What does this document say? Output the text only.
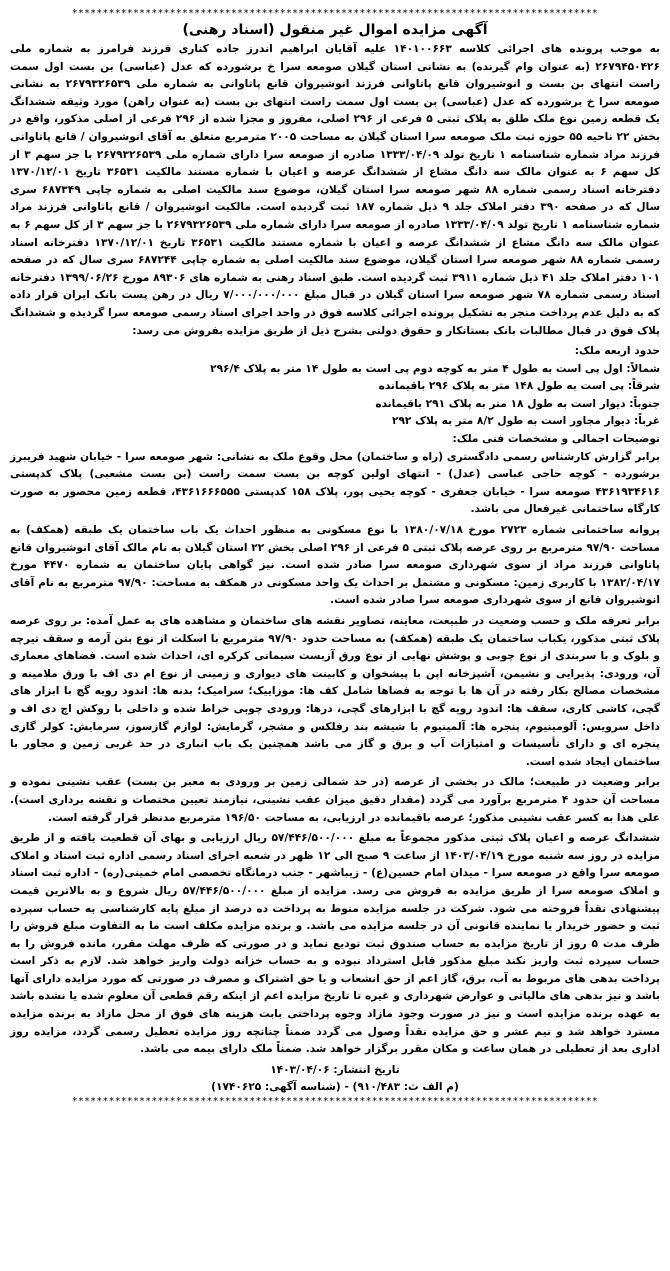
**************************************************************************************
آگهی مزایده اموال غیر منقول (اسناد رهنی)

به موجب پرونده های اجرائی کلاسه ۱۴۰۱۰۰۶۶۳ علیه آقایان ابراهیم اندرز جاده کناری فرزند فرامرز به شماره ملی ۲۶۷۹۴۵۰۴۲۶ (به عنوان وام گیرنده) به نشانی استان گیلان صومعه سرا خ برشورده که عدل (عباسی) بن بست اول سمت راست انتهای بن بست و انوشیروان قانع پاتاوانی فرزند انوشیروان قانع پاتاوانی به شماره ملی ۲۶۷۹۳۲۶۵۳۹ به نشانی صومعه سرا خ برشورده که عدل (عباسی) بن بست اول سمت راست انتهای بن بست (به عنوان راهن) مورد وثیقه ششدانگ یک قطعه زمین نوع ملک طلق به پلاک ثبتی ۵ فرعی از ۲۹۶ اصلی، مفروز و مجزا شده از ۲۹۶ فرعی از اصلی مذکور، واقع در بخش ۲۲ ناحیه ۵۵ حوزه ثبت ملک صومعه سرا استان گیلان به مساحت ۲۰۰۵ مترمربع متعلق به آقای انوشیروان / قانع پاتاوانی فرزند مراد شماره شناسنامه ۱ تاریخ تولد ۱۳۳۳/۰۴/۰۹ صادره از صومعه سرا دارای شماره ملی ۲۶۷۹۳۲۶۵۳۹ با جز سهم ۳ از کل سهم ۶ به عنوان مالک سه دانگ مشاع از ششدانگ عرصه و اعیان با شماره مستند مالکیت ۳۶۵۳۱ تاریخ ۱۳۷۰/۱۲/۰۱ دفترخانه اسناد رسمی شماره ۸۸ شهر صومعه سرا استان گیلان، موضوع سند مالکیت اصلی به شماره چاپی ۶۸۷۳۴۹ سری سال که در صفحه ۳۹۰ دفتر املاک جلد ۹ ذیل شماره ۱۸۷ ثبت گردیده است. مالکیت انوشیروان / قانع پاتاوانی فرزند مراد شماره شناسنامه ۱ تاریخ تولد ۱۳۳۳/۰۴/۰۹ صادره از صومعه سرا دارای شماره ملی ۲۶۷۹۳۲۶۵۳۹ با جز سهم ۳ از کل سهم ۶ به عنوان مالک سه دانگ مشاع از ششدانگ عرصه و اعیان با شماره مستند مالکیت ۳۶۵۳۱ تاریخ ۱۳۷۰/۱۲/۰۱ دفترخانه اسناد رسمی شماره ۸۸ شهر صومعه سرا استان گیلان، موضوع سند مالکیت اصلی به شماره چاپی ۶۸۷۲۴۴ سری سال که در صفحه ۱۰۱ دفتر املاک جلد ۴۱ ذیل شماره ۳۹۱۱ ثبت گردیده است. طبق اسناد رهنی به شماره های ۸۹۳۰۶ مورخ ۱۳۹۹/۰۶/۲۶ دفترخانه اسناد رسمی شماره ۷۸ شهر صومعه سرا استان گیلان در قبال مبلغ ۷/۰۰۰/۰۰۰/۰۰۰ ریال در رهن پست بانک ایران قرار داده که به دلیل عدم پرداخت منجر به تشکیل پرونده اجرائی کلاسه فوق در واحد اجرای اسناد رسمی صومعه سرا گردیده و ششدانگ پلاک فوق در قبال مطالبات بانک بستانکار و حقوق دولتی بشرح ذیل از طریق مزایده بفروش می رسد:

حدود اربعه ملک:

شمالاً: اول پی است به طول ۴ متر به کوچه دوم پی است به طول ۱۴ متر به پلاک ۲۹۶/۴

شرقاً: پی است به طول ۱۴۸ متر به پلاک ۲۹۶ باقیمانده

جنوباً: دیوار است به طول ۱۸ متر به پلاک ۲۹۱ باقیمانده

غرباً: دیوار مجاور است به طول ۸/۲ متر به پلاک ۲۹۲

توضیحات اجمالی و مشخصات فنی ملک:

برابر گزارش کارشناس رسمی دادگستری (راه و ساختمان) محل وقوع ملک به نشانی: شهر صومعه سرا - خیابان شهید فریبرز برشورده - کوچه حاجی عباسی (عدل) - انتهای اولین کوچه بن بست سمت راست (بن بست مشعبی) پلاک کدپستی ۴۳۶۱۹۳۴۶۱۶ صومعه سرا - خیابان جعفری - کوچه یحیی پور، پلاک ۱۵۸ کدپستی ۴۳۶۱۶۶۶۵۵۵، قطعه زمین محصور به صورت کارگاه ساختمانی غیرفعال می باشد.

پروانه ساختمانی شماره ۲۷۲۳ مورخ ۱۳۸۰/۰۷/۱۸ با نوع مسکونی به منظور احداث یک باب ساختمان یک طبقه (همکف) به مساحت ۹۷/۹۰ مترمربع بر روی عرصه پلاک ثبتی ۵ فرعی از ۲۹۶ اصلی بخش ۲۲ استان گیلان به نام مالک آقای انوشیروان قانع پاتاوانی فرزند مراد از سوی شهرداری صومعه سرا صادر شده است. نیز گواهی پایان ساختمان به شماره ۴۴۷۰ مورخ ۱۳۸۲/۰۴/۱۷ با کاربری زمین: مسکونی و مشتمل بر احداث یک واحد مسکونی در همکف به مساحت: ۹۷/۹۰ مترمربع به نام آقای انوشیروان قانع از سوی شهرداری صومعه سرا صادر شده است.

برابر تعرفه ملک و حسب وضعیت در طبیعت، معاینه، تصاویر نقشه های ساختمان و مشاهده های به عمل آمده: بر روی عرصه پلاک ثبتی مذکور، یکباب ساختمان یک طبقه (همکف) به مساحت حدود ۹۷/۹۰ مترمربع با اسکلت از نوع بتن آرمه و سقف تیرچه و بلوک و با سربندی از نوع چوبی و پوشش نهایی از نوع ورق آزبست سیمانی کرکره ای، احداث شده است. فضاهای معماری آن، ورودی: پذیرایی و نشیمن، آشپزخانه اپن با پیشخوان و کابینت های دیواری و زمینی از نوع ام دی اف با ورق ملامینه و مشخصات مصالح بکار رفته در آن ها با توجه به فضاها شامل کف ها: موزاییک؛ سرامیک؛ بدنه ها: اندود رویه گچ با ابزار های گچی، کاشی کاری، سقف ها: اندود رویه گچ با ابزارهای گچی، درها: ورودی چوبی خراط شده و داخلی با روکش اچ دی اف و داخل سرویس: آلومینیوم، پنجره ها: آلمینیوم با شیشه بند رفلکس و مشجر، گرمایش: لوازم گازسوز، سرمایش: کولر گازی پنجره ای و دارای تأسیسات و امتیازات آب و برق و گاز می باشد همچنین یک باب انباری در حد غربی زمین و مجاور با ساختمان ایجاد شده است.

برابر وضعیت در طبیعت؛ مالک در بخشی از عرصه (در حد شمالی زمین بر ورودی به معبر بن بست) عقب نشینی نموده و مساحت آن حدود ۴ مترمربع برآورد می گردد (مقدار دقیق میزان عقب نشینی، نیازمند تعیین مختصات و نقشه برداری است). علی هذا به کسر عقب نشینی مذکور؛ عرصه باقیمانده در ارزیابی، به مساحت ۱۹۶/۵۰ مترمربع مدنظر قرار گرفته است.

ششدانگ عرصه و اعیان پلاک ثبتی مذکور مجموعاً به مبلغ ۵۷/۴۴۶/۵۰۰/۰۰۰ ریال ارزیابی و بهای آن قطعیت یافته و از طریق مزایده در روز سه شنبه مورخ ۱۴۰۳/۰۴/۱۹ از ساعت ۹ صبح الی ۱۲ ظهر در شعبه اجرای اسناد رسمی اداره ثبت اسناد و املاک صومعه سرا واقع در صومعه سرا - میدان امام حسین(ع) - زیباشهر - جنب درمانگاه تخصصی امام خمینی(ره) - اداره ثبت اسناد و املاک صومعه سرا از طریق مزایده به فروش می رسد. مزایده از مبلغ ۵۷/۴۴۶/۵۰۰/۰۰۰ ریال شروع و به بالاترین قیمت پیشنهادی نقداً فروخته می شود. شرکت در جلسه مزایده منوط به پرداخت ده درصد از مبلغ پایه کارشناسی به حساب سپرده ثبت و حضور خریدار یا نماینده قانونی آن در جلسه مزایده می باشد. و برنده مزایده مکلف است ما به التفاوت مبلغ فروش را ظرف مدت ۵ روز از تاریخ مزایده به حساب صندوق ثبت تودیع نماید و در صورتی که ظرف مهلت مقرر، مانده فروش را به حساب سپرده ثبت واریز نکند مبلغ مذکور قابل استرداد نبوده و به حساب خزانه دولت واریز خواهد شد. لازم به ذکر است پرداخت بدهی های مربوط به آب، برق، گاز اعم از حق انشعاب و یا حق اشتراک و مصرف در صورتی که مورد مزایده دارای آنها باشد و نیز بدهی های مالیاتی و عوارض شهرداری و غیره تا تاریخ مزایده اعم از اینکه رقم قطعی آن معلوم شده یا نشده باشد به عهده برنده مزایده است و نیز در صورت وجود مازاد وجوه پرداختی بابت هزینه های فوق از محل مازاد به برنده مزایده مسترد خواهد شد و نیم عشر و حق مزایده نقداً وصول می گردد ضمناً چنانچه روز مزایده تعطیل رسمی گردد، مزایده روز اداری بعد از تعطیلی در همان ساعت و مکان مقرر برگزار خواهد شد. ضمناً ملک دارای بیمه می باشد.

تاریخ انتشار: ۱۴۰۳/۰۴/۰۶
(م الف ث: ۹۱۰/۴۸۳) - (شناسه آگهی: ۱۷۴۰۶۲۵)
**************************************************************************************
